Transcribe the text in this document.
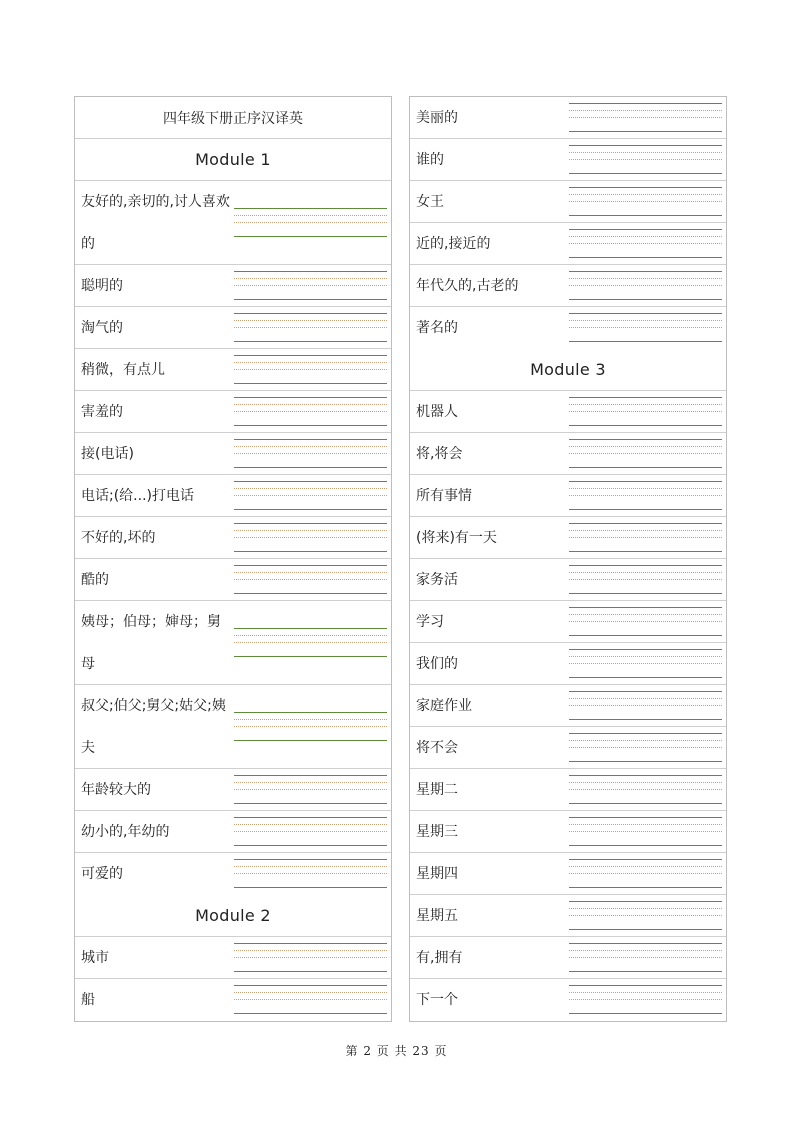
四年级下册正序汉译英
Module 1
友好的,亲切的,讨人喜欢的
聪明的
淘气的
稍微，有点儿
害羞的
接(电话)
电话;(给...)打电话
不好的,坏的
酷的
姨母；伯母；婶母；舅母
叔父;伯父;舅父;姑父;姨夫
年龄较大的
幼小的,年幼的
可爱的
Module 2
城市
船
美丽的
谁的
女王
近的,接近的
年代久的,古老的
著名的
Module 3
机器人
将,将会
所有事情
(将来)有一天
家务活
学习
我们的
家庭作业
将不会
星期二
星期三
星期四
星期五
有,拥有
下一个
第 2 页 共 23 页
